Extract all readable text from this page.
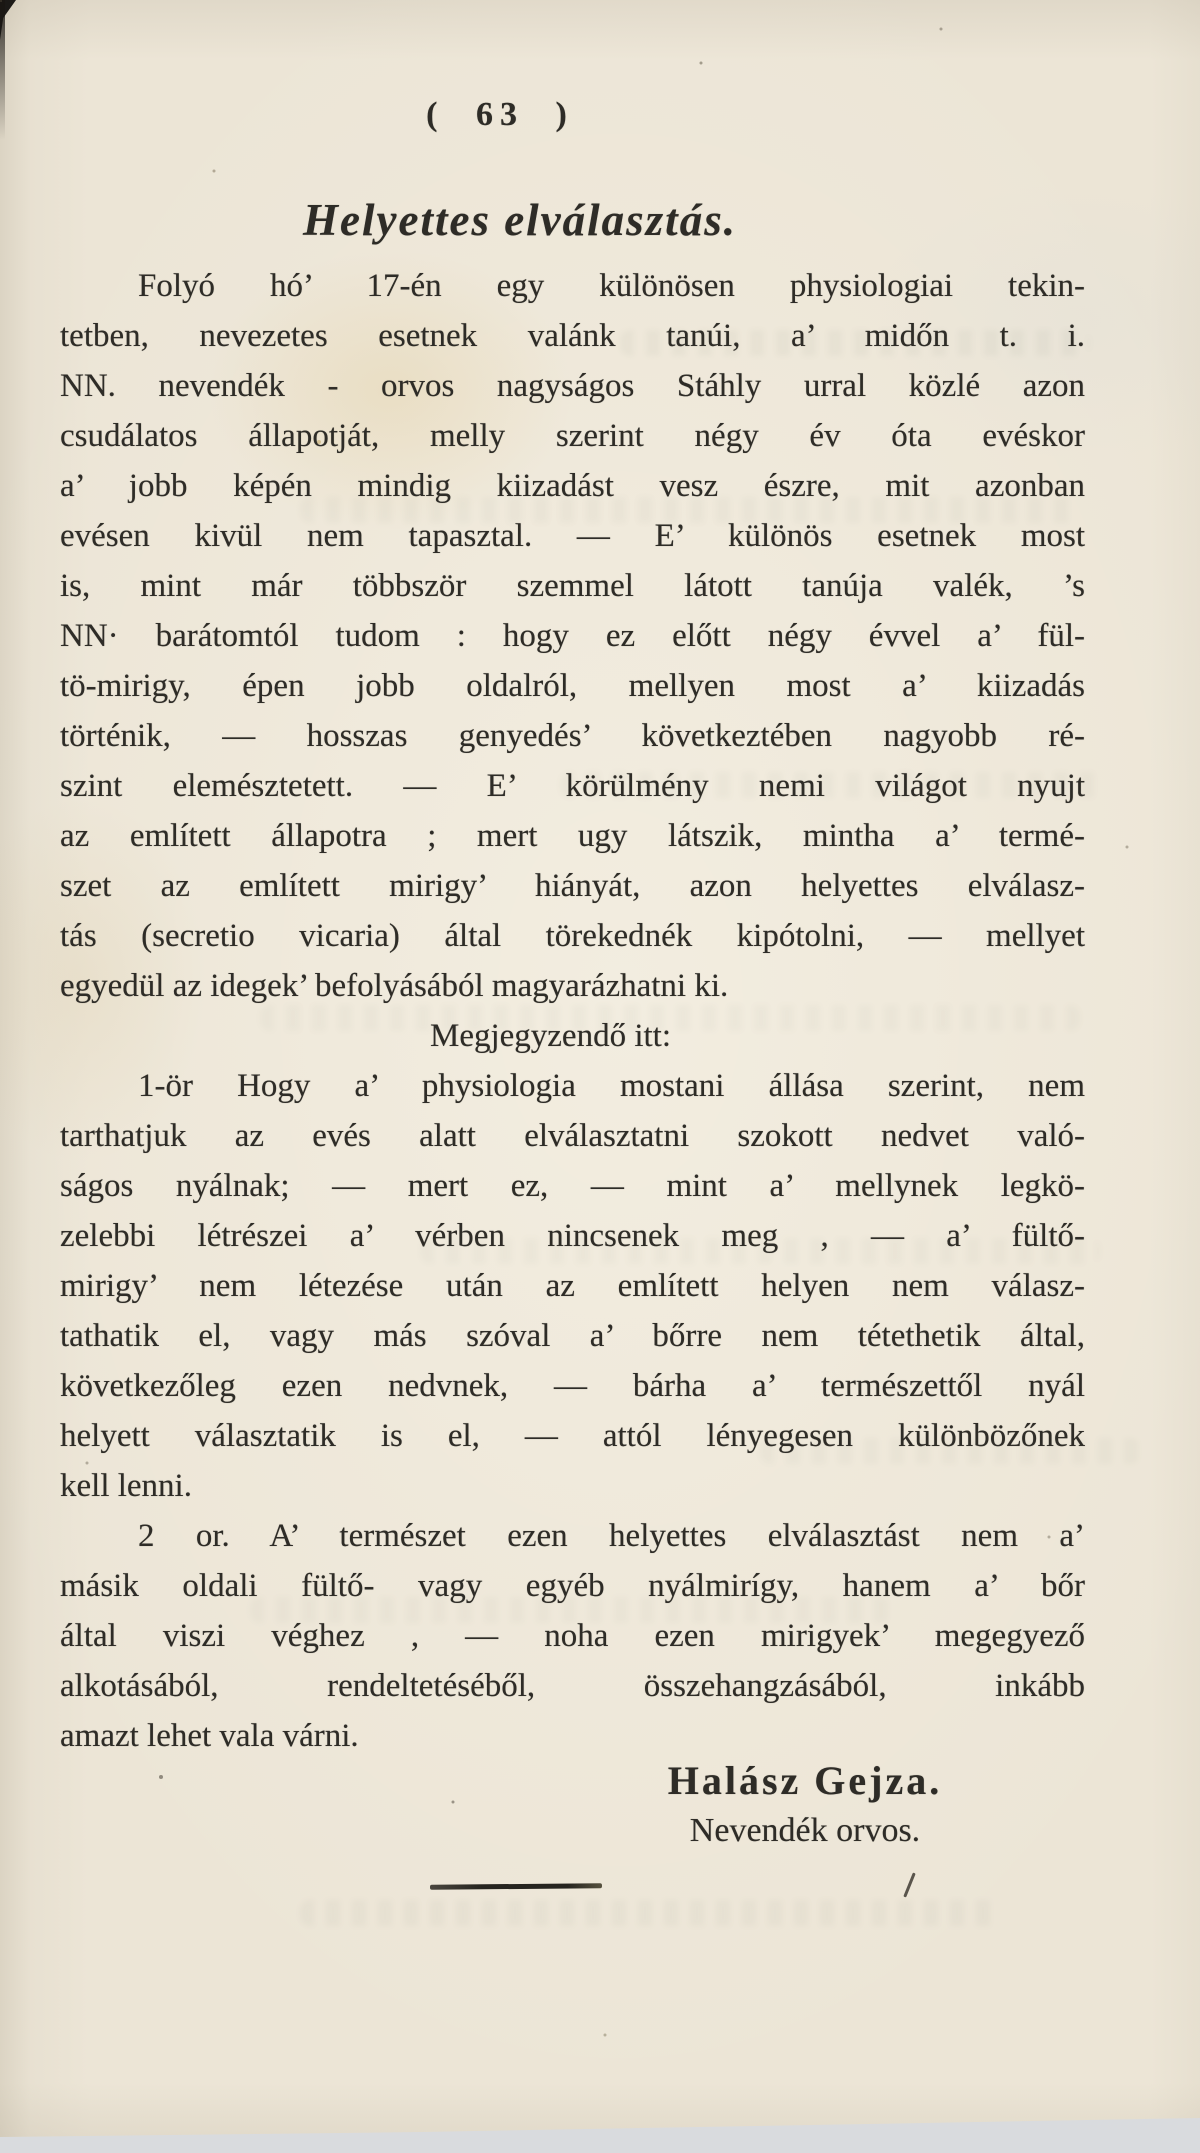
( 63 )
Helyettes elválasztás.
Folyó hó’ 17-én egy különösen physiologiai tekin-
tetben, nevezetes esetnek valánk tanúi, a’ midőn t. i.
NN. nevendék - orvos nagyságos Stáhly urral közlé azon
csudálatos állapotját, melly szerint négy év óta evéskor
a’ jobb képén mindig kiizadást vesz észre, mit azonban
evésen kivül nem tapasztal. — E’ különös esetnek most
is, mint már többször szemmel látott tanúja valék, ’s
NN· barátomtól tudom : hogy ez előtt négy évvel a’ fül-
tö-mirigy, épen jobb oldalról, mellyen most a’ kiizadás
történik, — hosszas genyedés’ következtében nagyobb ré-
szint elemésztetett. — E’ körülmény nemi világot nyujt
az említett állapotra ; mert ugy látszik, mintha a’ termé-
szet az említett mirigy’ hiányát, azon helyettes elválasz-
tás (secretio vicaria) által törekednék kipótolni, — mellyet
egyedül az idegek’ befolyásából magyarázhatni ki.
Megjegyzendő itt:
1-ör Hogy a’ physiologia mostani állása szerint, nem
tarthatjuk az evés alatt elválasztatni szokott nedvet való-
ságos nyálnak; — mert ez, — mint a’ mellynek legkö-
zelebbi létrészei a’ vérben nincsenek meg , — a’ fültő-
mirigy’ nem létezése után az említett helyen nem válasz-
tathatik el, vagy más szóval a’ bőrre nem tétethetik által,
következőleg ezen nedvnek, — bárha a’ természettől nyál
helyett választatik is el, — attól lényegesen különbözőnek
kell lenni.
2 or. A’ természet ezen helyettes elválasztást nem a’
másik oldali fültő- vagy egyéb nyálmirígy, hanem a’ bőr
által viszi véghez , — noha ezen mirigyek’ megegyező
alkotásából, rendeltetéséből, összehangzásából, inkább
amazt lehet vala várni.
Halász Gejza.
Nevendék orvos.
